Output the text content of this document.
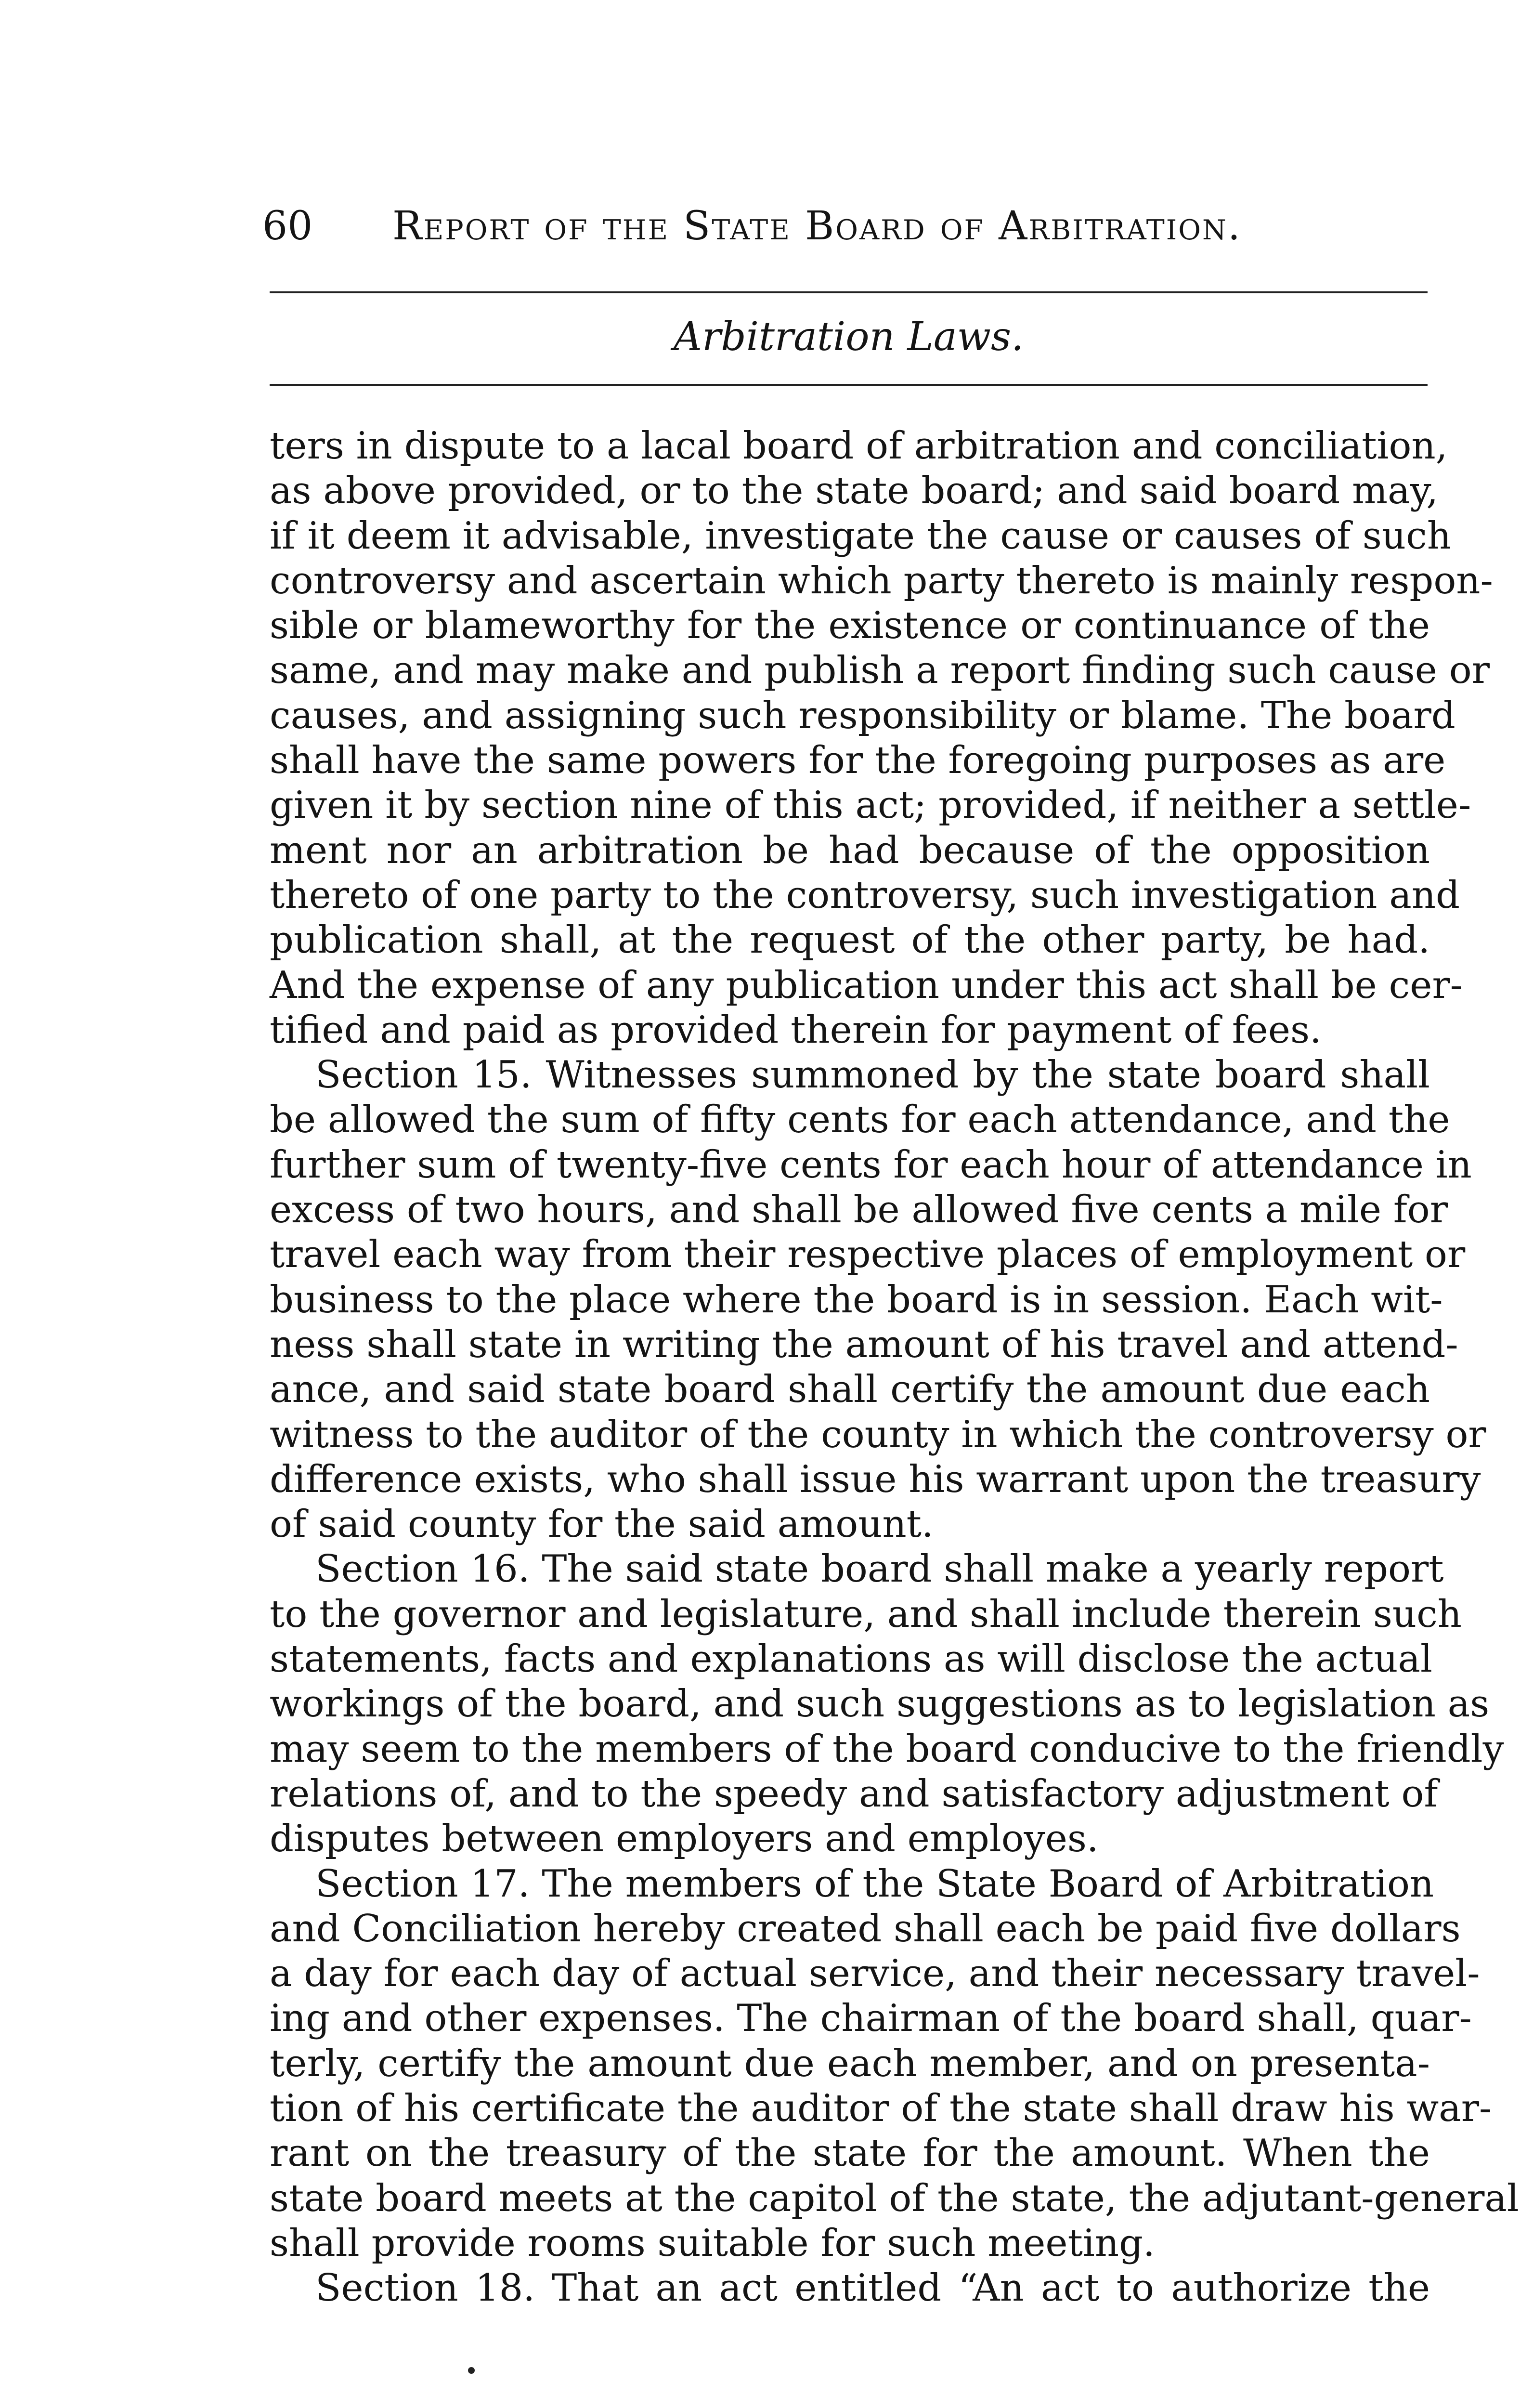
60 Report of the State Board of Arbitration.
Arbitration Laws.
ters in dispute to a lacal board of arbitration and conciliation,
as above provided, or to the state board; and said board may,
if it deem it advisable, investigate the cause or causes of such
controversy and ascertain which party thereto is mainly respon-
sible or blameworthy for the existence or continuance of the
same, and may make and publish a report finding such cause or
causes, and assigning such responsibility or blame. The board
shall have the same powers for the foregoing purposes as are
given it by section nine of this act; provided, if neither a settle-
ment nor an arbitration be had because of the opposition
thereto of one party to the controversy, such investigation and
publication shall, at the request of the other party, be had.
And the expense of any publication under this act shall be cer-
tified and paid as provided therein for payment of fees.
Section 15. Witnesses summoned by the state board shall
be allowed the sum of fifty cents for each attendance, and the
further sum of twenty-five cents for each hour of attendance in
excess of two hours, and shall be allowed five cents a mile for
travel each way from their respective places of employment or
business to the place where the board is in session. Each wit-
ness shall state in writing the amount of his travel and attend-
ance, and said state board shall certify the amount due each
witness to the auditor of the county in which the controversy or
difference exists, who shall issue his warrant upon the treasury
of said county for the said amount.
Section 16. The said state board shall make a yearly report
to the governor and legislature, and shall include therein such
statements, facts and explanations as will disclose the actual
workings of the board, and such suggestions as to legislation as
may seem to the members of the board conducive to the friendly
relations of, and to the speedy and satisfactory adjustment of
disputes between employers and employes.
Section 17. The members of the State Board of Arbitration
and Conciliation hereby created shall each be paid five dollars
a day for each day of actual service, and their necessary travel-
ing and other expenses. The chairman of the board shall, quar-
terly, certify the amount due each member, and on presenta-
tion of his certificate the auditor of the state shall draw his war-
rant on the treasury of the state for the amount. When the
state board meets at the capitol of the state, the adjutant-general
shall provide rooms suitable for such meeting.
Section 18. That an act entitled “An act to authorize the
